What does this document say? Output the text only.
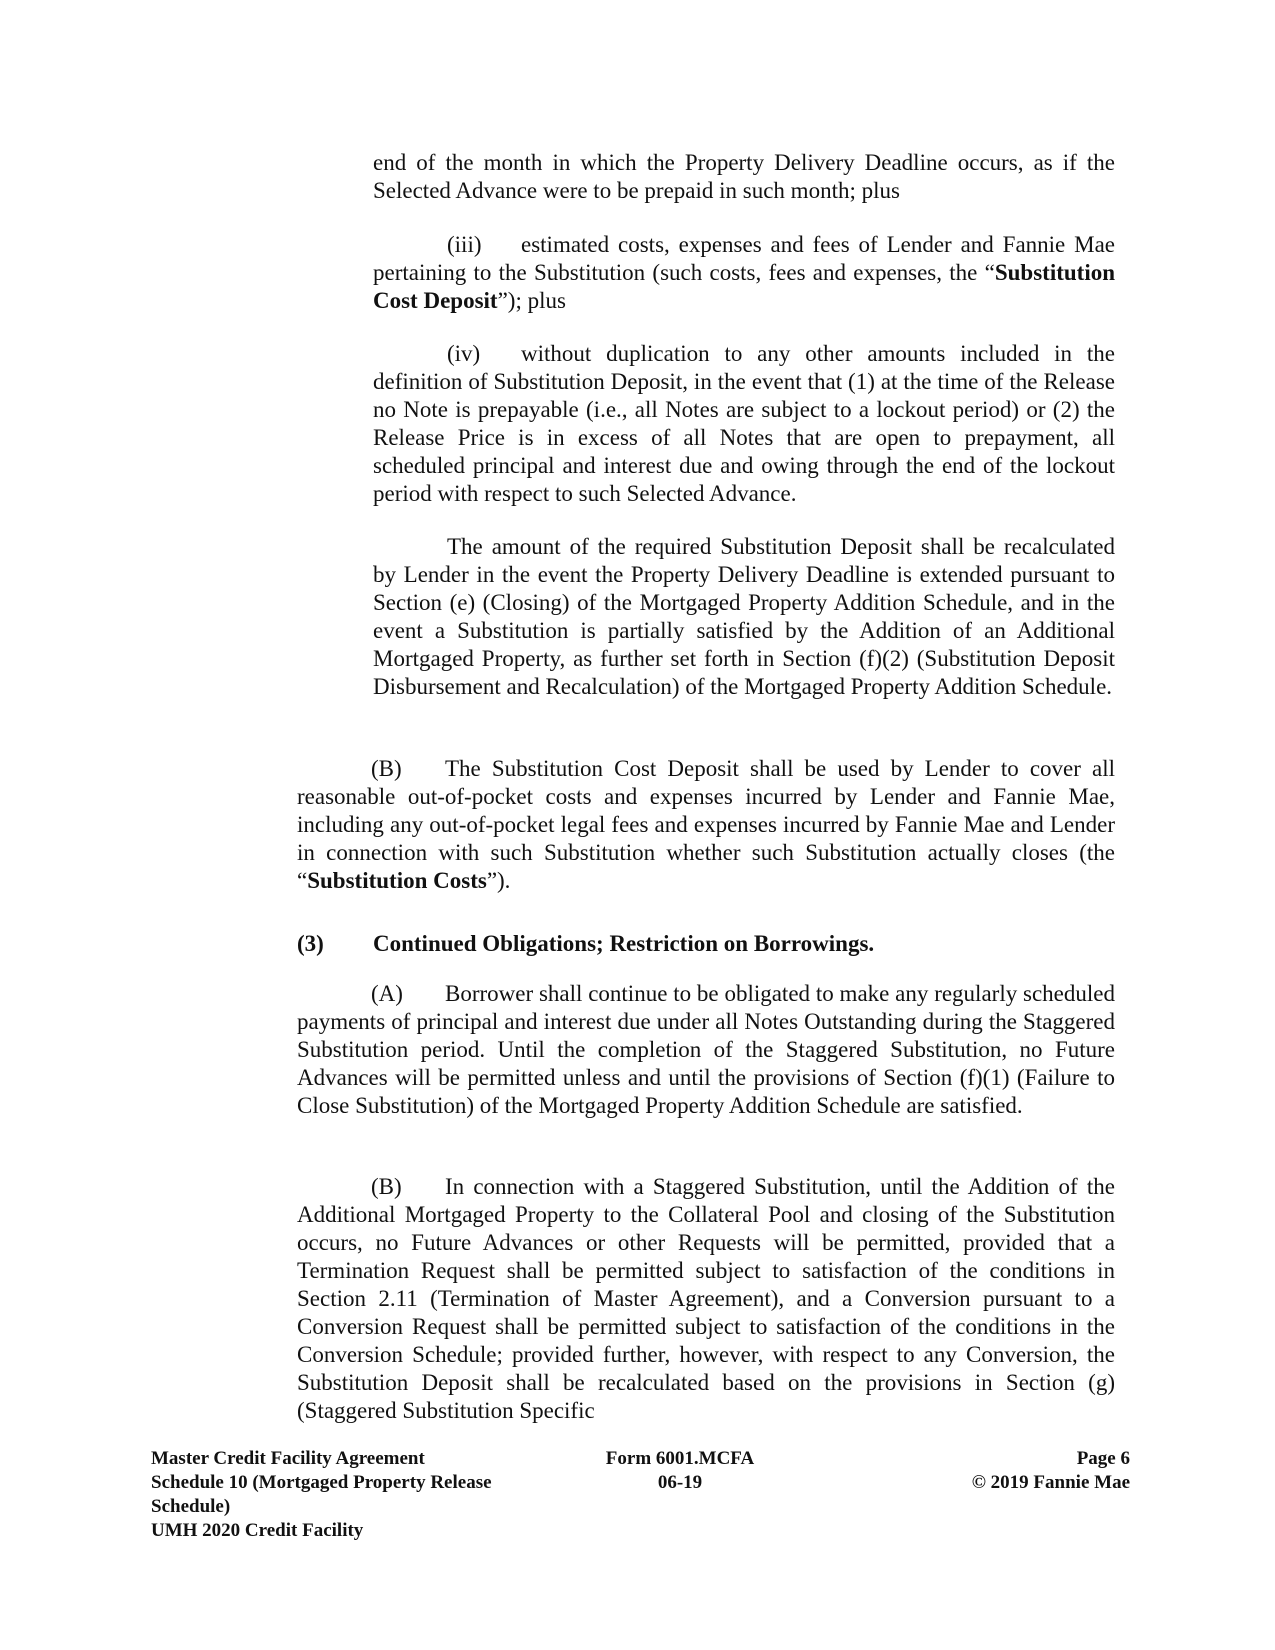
end of the month in which the Property Delivery Deadline occurs, as if the Selected Advance were to be prepaid in such month; plus

(iii) estimated costs, expenses and fees of Lender and Fannie Mae pertaining to the Substitution (such costs, fees and expenses, the “Substitution Cost Deposit”); plus

(iv) without duplication to any other amounts included in the definition of Substitution Deposit, in the event that (1) at the time of the Release no Note is prepayable (i.e., all Notes are subject to a lockout period) or (2) the Release Price is in excess of all Notes that are open to prepayment, all scheduled principal and interest due and owing through the end of the lockout period with respect to such Selected Advance.

The amount of the required Substitution Deposit shall be recalculated by Lender in the event the Property Delivery Deadline is extended pursuant to Section (e) (Closing) of the Mortgaged Property Addition Schedule, and in the event a Substitution is partially satisfied by the Addition of an Additional Mortgaged Property, as further set forth in Section (f)(2) (Substitution Deposit Disbursement and Recalculation) of the Mortgaged Property Addition Schedule.

(B) The Substitution Cost Deposit shall be used by Lender to cover all reasonable out-of-pocket costs and expenses incurred by Lender and Fannie Mae, including any out-of-pocket legal fees and expenses incurred by Fannie Mae and Lender in connection with such Substitution whether such Substitution actually closes (the “Substitution Costs”).

(3) Continued Obligations; Restriction on Borrowings.

(A) Borrower shall continue to be obligated to make any regularly scheduled payments of principal and interest due under all Notes Outstanding during the Staggered Substitution period. Until the completion of the Staggered Substitution, no Future Advances will be permitted unless and until the provisions of Section (f)(1) (Failure to Close Substitution) of the Mortgaged Property Addition Schedule are satisfied.

(B) In connection with a Staggered Substitution, until the Addition of the Additional Mortgaged Property to the Collateral Pool and closing of the Substitution occurs, no Future Advances or other Requests will be permitted, provided that a Termination Request shall be permitted subject to satisfaction of the conditions in Section 2.11 (Termination of Master Agreement), and a Conversion pursuant to a Conversion Request shall be permitted subject to satisfaction of the conditions in the Conversion Schedule; provided further, however, with respect to any Conversion, the Substitution Deposit shall be recalculated based on the provisions in Section (g) (Staggered Substitution Specific

Master Credit Facility Agreement
Schedule 10 (Mortgaged Property Release
Schedule)
UMH 2020 Credit Facility
Form 6001.MCFA
06-19
Page 6
© 2019 Fannie Mae
